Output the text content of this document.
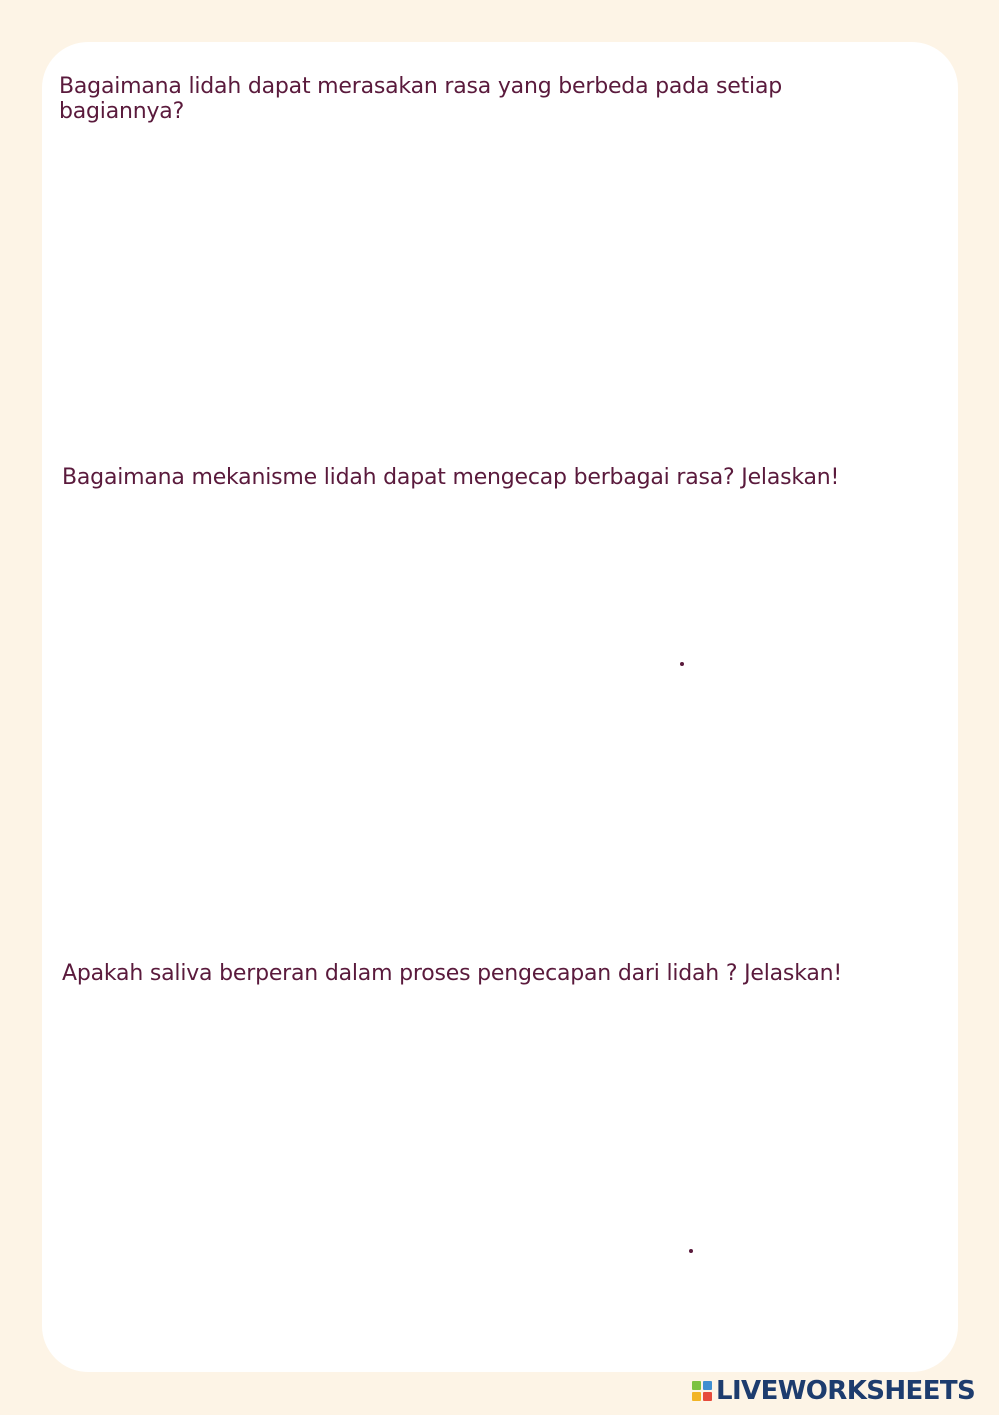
Bagaimana lidah dapat merasakan rasa yang berbeda pada setiap bagiannya?
Bagaimana mekanisme lidah dapat mengecap berbagai rasa? Jelaskan!
Apakah saliva berperan dalam proses pengecapan dari lidah ? Jelaskan!
LIVEWORKSHEETS
